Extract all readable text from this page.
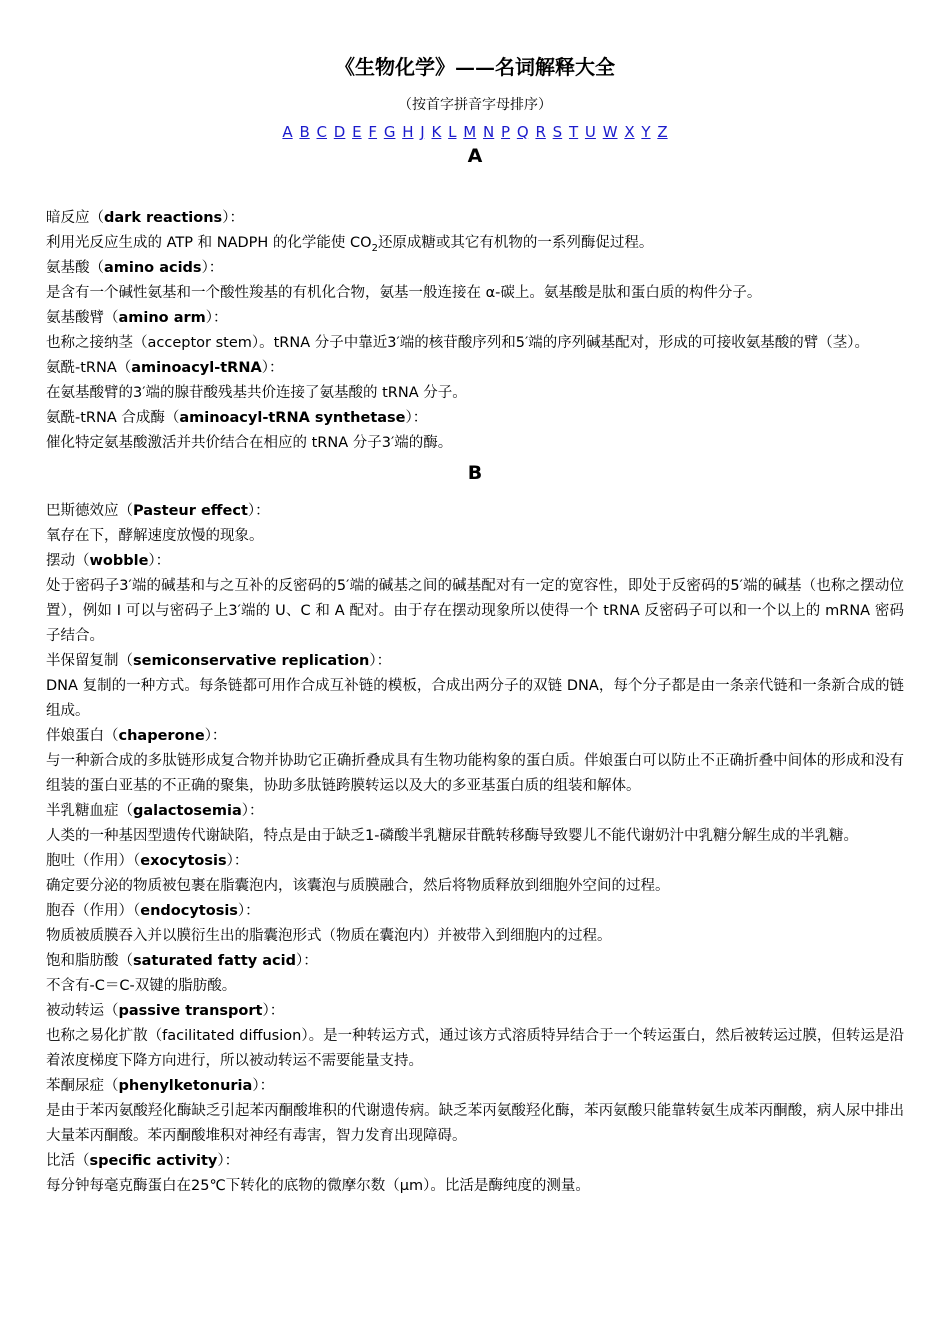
《生物化学》——名词解释大全
（按首字拼音字母排序）
A B C D E F G H J K L M N P Q R S T U W X Y Z
A
暗反应（dark reactions）：
利用光反应生成的 ATP 和 NADPH 的化学能使 $CO_2$还原成糖或其它有机物的一系列酶促过程。
氨基酸（amino acids）：
是含有一个碱性氨基和一个酸性羧基的有机化合物，氨基一般连接在 α-碳上。氨基酸是肽和蛋白质的构件分子。
氨基酸臂（amino arm）：
也称之接纳茎（acceptor stem）。tRNA 分子中靠近3′端的核苷酸序列和5′端的序列碱基配对，形成的可接收氨基酸的臂（茎）。
氨酰-tRNA（aminoacyl-tRNA）：
在氨基酸臂的3′端的腺苷酸残基共价连接了氨基酸的 tRNA 分子。
氨酰-tRNA 合成酶（aminoacyl-tRNA synthetase）：
催化特定氨基酸激活并共价结合在相应的 tRNA 分子3′端的酶。
B
巴斯德效应（Pasteur effect）：
氧存在下，酵解速度放慢的现象。
摆动（wobble）：
处于密码子3′端的碱基和与之互补的反密码的5′端的碱基之间的碱基配对有一定的宽容性，即处于反密码的5′端的碱基（也称之摆动位置），例如 I 可以与密码子上3′端的 U、C 和 A 配对。由于存在摆动现象所以使得一个 tRNA 反密码子可以和一个以上的 mRNA 密码子结合。
半保留复制（semiconservative replication）：
DNA 复制的一种方式。每条链都可用作合成互补链的模板，合成出两分子的双链 DNA，每个分子都是由一条亲代链和一条新合成的链组成。
伴娘蛋白（chaperone）：
与一种新合成的多肽链形成复合物并协助它正确折叠成具有生物功能构象的蛋白质。伴娘蛋白可以防止不正确折叠中间体的形成和没有组装的蛋白亚基的不正确的聚集，协助多肽链跨膜转运以及大的多亚基蛋白质的组装和解体。
半乳糖血症（galactosemia）：
人类的一种基因型遗传代谢缺陷，特点是由于缺乏1-磷酸半乳糖尿苷酰转移酶导致婴儿不能代谢奶汁中乳糖分解生成的半乳糖。
胞吐（作用）（exocytosis）：
确定要分泌的物质被包裹在脂囊泡内，该囊泡与质膜融合，然后将物质释放到细胞外空间的过程。
胞吞（作用）（endocytosis）：
物质被质膜吞入并以膜衍生出的脂囊泡形式（物质在囊泡内）并被带入到细胞内的过程。
饱和脂肪酸（saturated fatty acid）：
不含有-C＝C-双键的脂肪酸。
被动转运（passive transport）：
也称之易化扩散（facilitated diffusion）。是一种转运方式，通过该方式溶质特异结合于一个转运蛋白，然后被转运过膜，但转运是沿着浓度梯度下降方向进行，所以被动转运不需要能量支持。
苯酮尿症（phenylketonuria）：
是由于苯丙氨酸羟化酶缺乏引起苯丙酮酸堆积的代谢遗传病。缺乏苯丙氨酸羟化酶，苯丙氨酸只能靠转氨生成苯丙酮酸，病人尿中排出大量苯丙酮酸。苯丙酮酸堆积对神经有毒害，智力发育出现障碍。
比活（specific activity）：
每分钟每毫克酶蛋白在25℃下转化的底物的微摩尔数（μm）。比活是酶纯度的测量。
